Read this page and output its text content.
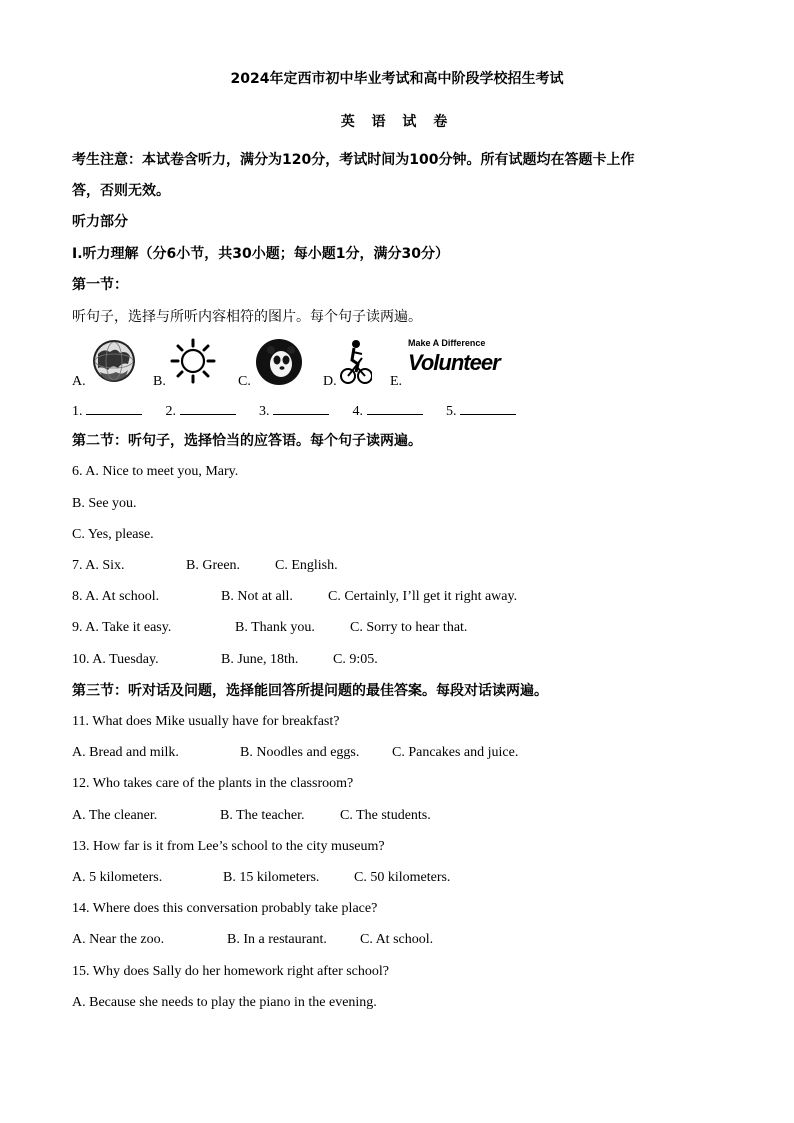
2024年定西市初中毕业考试和高中阶段学校招生考试
英 语 试 卷
考生注意：本试卷含听力，满分为120分，考试时间为100分钟。所有试题均在答题卡上作
答，否则无效。
听力部分
Ⅰ.听力理解（分6小节，共30小题；每小题1分，满分30分）
第一节：
听句子，选择与所听内容相符的图片。每个句子读两遍。
A.	B.	C.	D.	E.
Make A Difference
Volunteer
1.	2.	3.	4.	5.
第二节：听句子，选择恰当的应答语。每个句子读两遍。
6. A. Nice to meet you, Mary.
B. See you.
C. Yes, please.
7. A. Six.	B. Green. C. English.
8. A. At school.	B. Not at all.	C. Certainly, I’ll get it right away.
9. A. Take it easy.	B. Thank you.	C. Sorry to hear that.
10. A. Tuesday.	B. June, 18th. C. 9:05.
第三节：听对话及问题，选择能回答所提问题的最佳答案。每段对话读两遍。
11. What does Mike usually have for breakfast?
A. Bread and milk.	B. Noodles and eggs. C. Pancakes and juice.
12. Who takes care of the plants in the classroom?
A. The cleaner.	B. The teacher.	C. The students.
13. How far is it from Lee’s school to the city museum?
A. 5 kilometers.	B. 15 kilometers. C. 50 kilometers.
14. Where does this conversation probably take place?
A. Near the zoo.	B. In a restaurant. C. At school.
15. Why does Sally do her homework right after school?
A. Because she needs to play the piano in the evening.
